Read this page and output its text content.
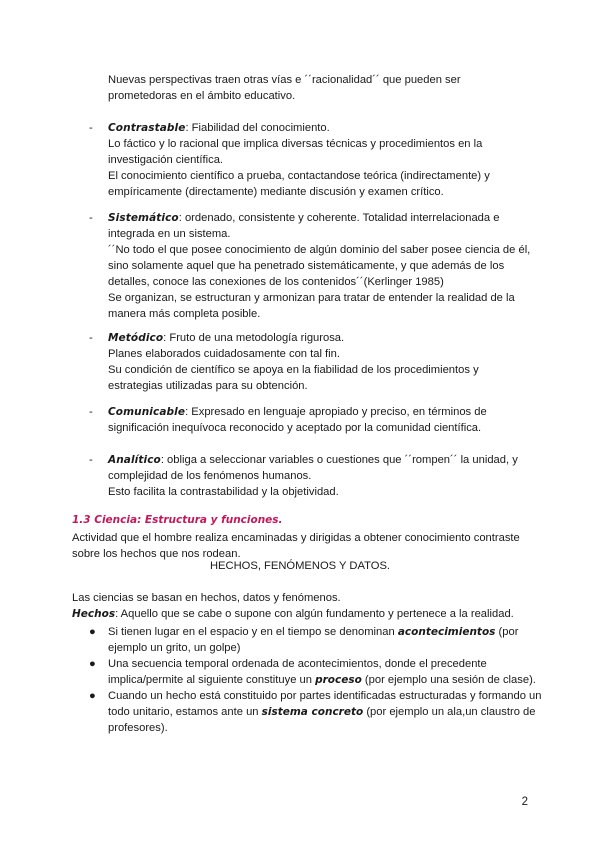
Nuevas perspectivas traen otras vías e ´´racionalidad´´ que pueden ser
prometedoras en el ámbito educativo.

- Contrastable: Fiabilidad del conocimiento.
Lo fáctico y lo racional que implica diversas técnicas y procedimientos en la
investigación científica.
El conocimiento científico a prueba, contactandose teórica (indirectamente) y
empíricamente (directamente) mediante discusión y examen crítico.
- Sistemático: ordenado, consistente y coherente. Totalidad interrelacionada e
integrada en un sistema.
´´No todo el que posee conocimiento de algún dominio del saber posee ciencia de él,
sino solamente aquel que ha penetrado sistemáticamente, y que además de los
detalles, conoce las conexiones de los contenidos´´(Kerlinger 1985)
Se organizan, se estructuran y armonizan para tratar de entender la realidad de la
manera más completa posible.
- Metódico: Fruto de una metodología rigurosa.
Planes elaborados cuidadosamente con tal fin.
Su condición de científico se apoya en la fiabilidad de los procedimientos y
estrategias utilizadas para su obtención.
- Comunicable: Expresado en lenguaje apropiado y preciso, en términos de
significación inequívoca reconocido y aceptado por la comunidad científica.
- Analítico: obliga a seleccionar variables o cuestiones que ´´rompen´´ la unidad, y
complejidad de los fenómenos humanos.
Esto facilita la contrastabilidad y la objetividad.
1.3 Ciencia: Estructura y funciones.
Actividad que el hombre realiza encaminadas y dirigidas a obtener conocimiento contraste
sobre los hechos que nos rodean.
HECHOS, FENÓMENOS Y DATOS.
Las ciencias se basan en hechos, datos y fenómenos.
Hechos: Aquello que se cabe o supone con algún fundamento y pertenece a la realidad.
● Si tienen lugar en el espacio y en el tiempo se denominan acontecimientos (por ejemplo un grito, un golpe)
● Una secuencia temporal ordenada de acontecimientos, donde el precedente implica/permite al siguiente constituye un proceso (por ejemplo una sesión de clase).
● Cuando un hecho está constituido por partes identificadas estructuradas y formando un todo unitario, estamos ante un sistema concreto (por ejemplo un ala,un claustro de profesores).
2
